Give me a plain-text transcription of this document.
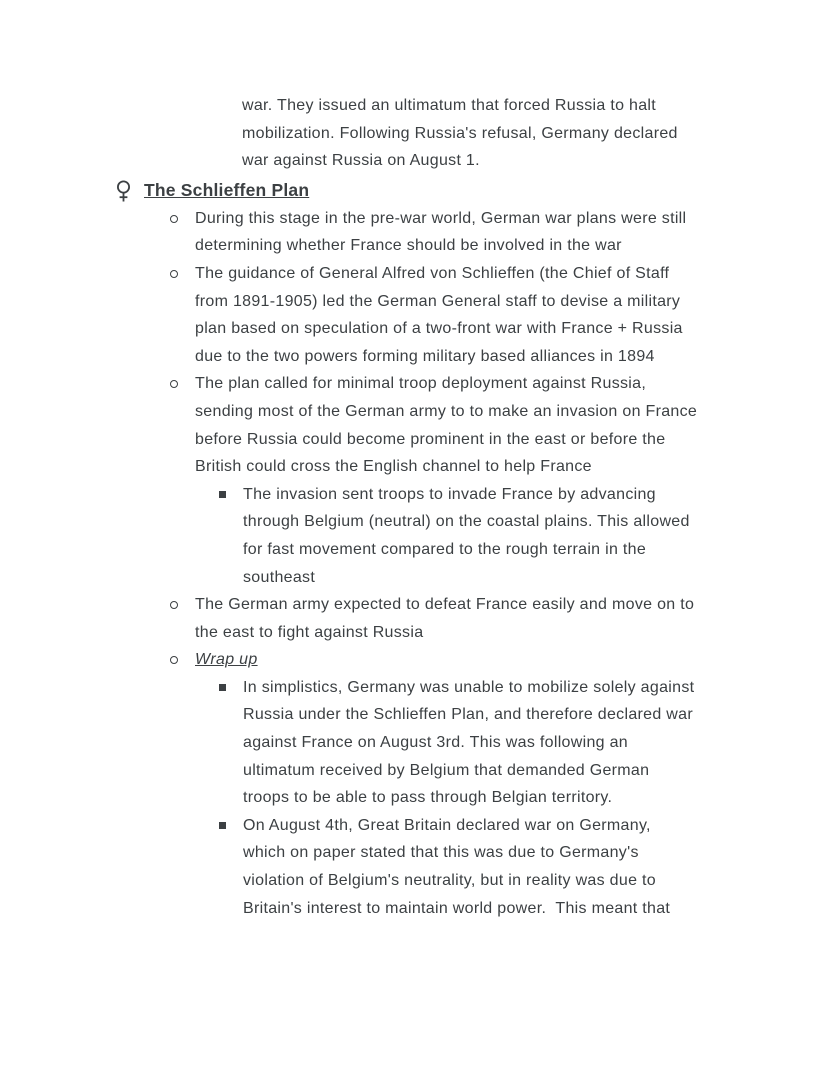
war. They issued an ultimatum that forced Russia to halt
mobilization. Following Russia's refusal, Germany declared
war against Russia on August 1.
The Schlieffen Plan
During this stage in the pre-war world, German war plans were still
determining whether France should be involved in the war
The guidance of General Alfred von Schlieffen (the Chief of Staff
from 1891-1905) led the German General staff to devise a military
plan based on speculation of a two-front war with France + Russia
due to the two powers forming military based alliances in 1894
The plan called for minimal troop deployment against Russia,
sending most of the German army to to make an invasion on France
before Russia could become prominent in the east or before the
British could cross the English channel to help France
The invasion sent troops to invade France by advancing
through Belgium (neutral) on the coastal plains. This allowed
for fast movement compared to the rough terrain in the
southeast
The German army expected to defeat France easily and move on to
the east to fight against Russia
Wrap up
In simplistics, Germany was unable to mobilize solely against
Russia under the Schlieffen Plan, and therefore declared war
against France on August 3rd. This was following an
ultimatum received by Belgium that demanded German
troops to be able to pass through Belgian territory.
On August 4th, Great Britain declared war on Germany,
which on paper stated that this was due to Germany's
violation of Belgium's neutrality, but in reality was due to
Britain's interest to maintain world power.  This meant that
